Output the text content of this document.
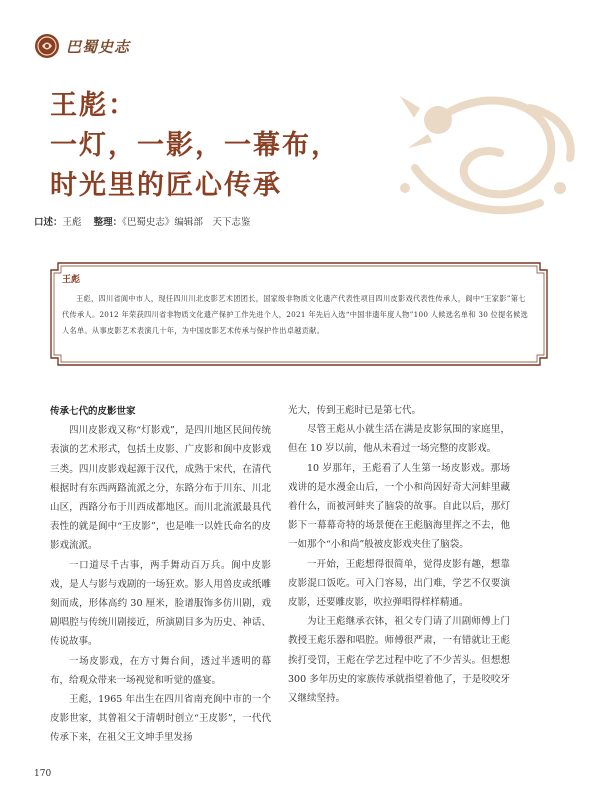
巴蜀史志
王彪：
一灯，一影，一幕布，
时光里的匠心传承
口述：王彪 整理：《巴蜀史志》编辑部　天下志鉴
王彪
王彪，四川省阆中市人，现任四川川北皮影艺术团团长，国家级非物质文化遗产代表性项目四川皮影戏代表性传承人，阆中“王家影”第七代传承人。2012 年荣获四川省非物质文化遗产保护工作先进个人，2021 年先后入选“中国非遗年度人物”100 人候选名单和 30 位提名候选人名单。从事皮影艺术表演几十年，为中国皮影艺术传承与保护作出卓越贡献。

传承七代的皮影世家

四川皮影戏又称“灯影戏”，是四川地区民间传统表演的艺术形式，包括土皮影、广皮影和阆中皮影戏三类。四川皮影戏起源于汉代，成熟于宋代，在清代根据时有东西两路流派之分，东路分布于川东、川北山区，西路分布于川西成都地区。而川北流派最具代表性的就是阆中“王皮影”，也是唯一以姓氏命名的皮影戏流派。

一口道尽千古事，两手舞动百万兵。阆中皮影戏，是人与影与戏剧的一场狂欢。影人用兽皮或纸雕刻而成，形体高约 30 厘米，脸谱服饰多仿川剧，戏剧唱腔与传统川剧接近，所演剧目多为历史、神话、传说故事。

一场皮影戏，在方寸舞台间，透过半透明的幕布，给观众带来一场视觉和听觉的盛宴。

王彪，1965 年出生在四川省南充阆中市的一个皮影世家，其曾祖父于清朝时创立“王皮影”，一代代传承下来，在祖父王文坤手里发扬

光大，传到王彪时已是第七代。

尽管王彪从小就生活在满是皮影氛围的家庭里，但在 10 岁以前，他从未看过一场完整的皮影戏。

10 岁那年，王彪看了人生第一场皮影戏。那场戏讲的是水漫金山后，一个小和尚因好奇大河蚌里藏着什么，而被河蚌夹了脑袋的故事。自此以后，那灯影下一幕幕奇特的场景便在王彪脑海里挥之不去，他一如那个“小和尚”般被皮影戏夹住了脑袋。

一开始，王彪想得很简单，觉得皮影有趣，想靠皮影混口饭吃。可入门容易，出门难，学艺不仅要演皮影，还要雕皮影，吹拉弹唱得样样精通。

为让王彪继承衣钵，祖父专门请了川剧师傅上门教授王彪乐器和唱腔。师傅很严肃，一有错就让王彪挨打受罚，王彪在学艺过程中吃了不少苦头。但想想 300 多年历史的家族传承就指望着他了，于是咬咬牙又继续坚持。

170
